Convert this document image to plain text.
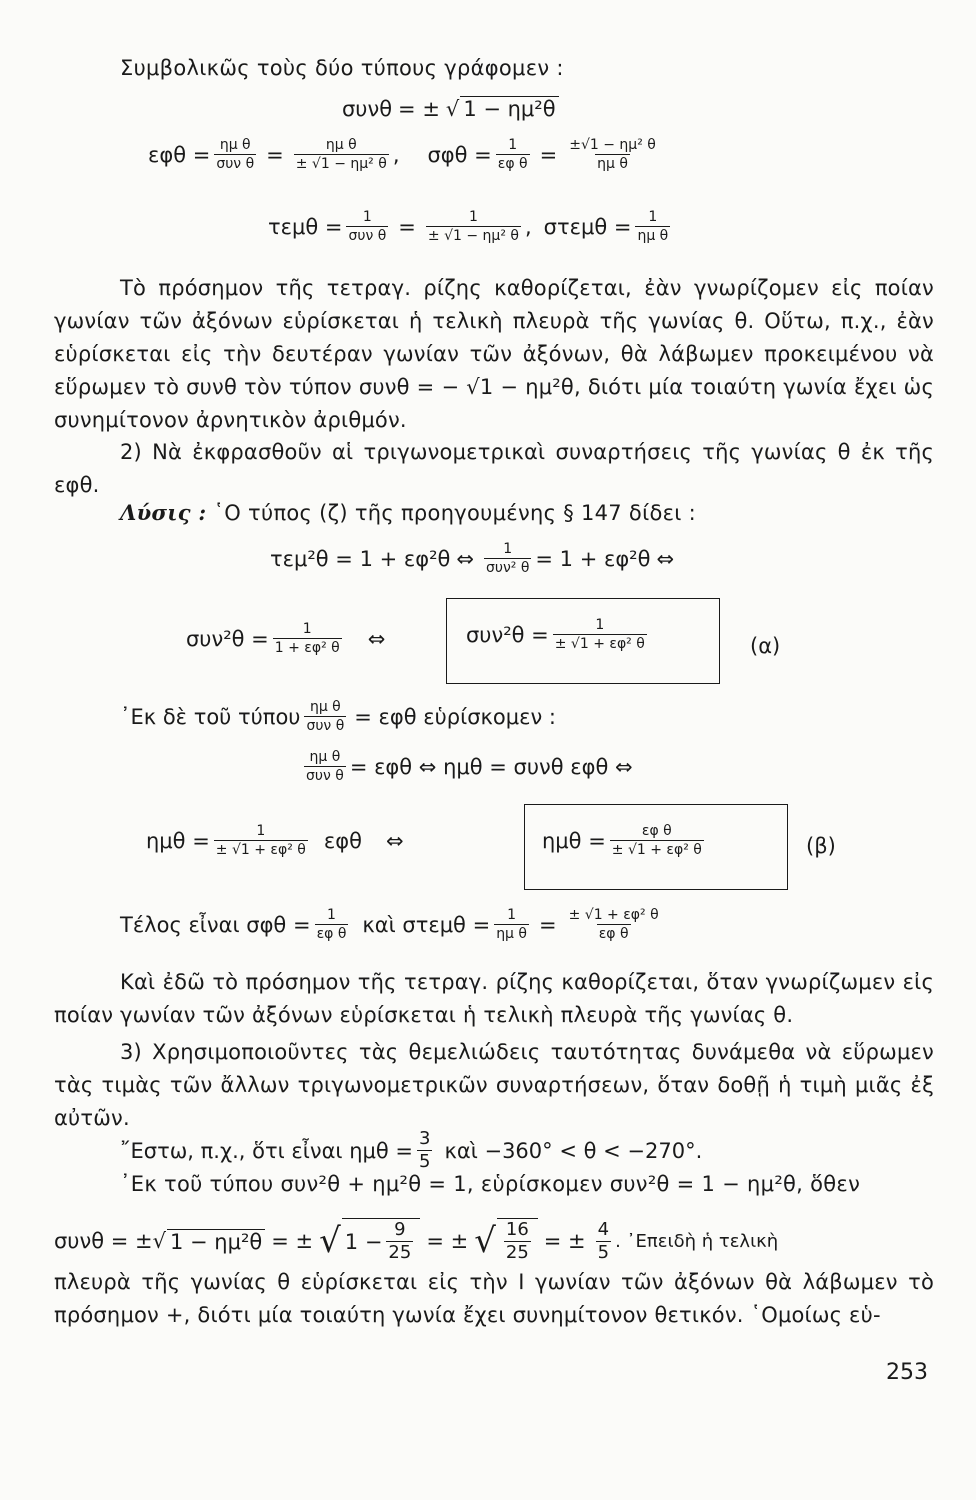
Συμβολικῶς τοὺς δύο τύπους γράφομεν :
συνθ = ± √ 1 − ημ²θ
$\varepsilon\varphi\theta = \frac{\text{ημ θ}}{\text{συν θ}} = \frac{\text{ημ θ}}{\text{± √1 − ημ² θ}}$ , $\sigma\varphi\theta = \frac{1}{\text{εφ θ}} = \frac{\text{±√1 − ημ² θ}}{\text{ημ θ}}$
$\tau\varepsilon\mu\theta = \frac{1}{\text{συν θ}} = \frac{1}{\text{± √1 − ημ² θ}}$ , $\sigma\tau\varepsilon\mu\theta = \frac{1}{\text{ημ θ}}$
Τὸ πρόσημον τῆς τετραγ. ρίζης καθορίζεται, ἐὰν γνωρίζομεν εἰς ποίαν γωνίαν τῶν ἀξόνων εὑρίσκεται ἡ τελικὴ πλευρὰ τῆς γωνίας θ. Οὕτω, π.χ., ἐὰν εὑρίσκεται εἰς τὴν δευτέραν γωνίαν τῶν ἀξόνων, θὰ λάβωμεν προκειμένου νὰ εὕρωμεν τὸ συνθ τὸν τύπον συνθ = − √1 − ημ²θ, διότι μία τοιαύτη γωνία ἔχει ὡς συνημίτονον ἀρνητικὸν ἀριθμόν.
2) Νὰ ἐκφρασθοῦν αἱ τριγωνομετρικαὶ συναρτήσεις τῆς γωνίας θ ἐκ τῆς εφθ.
Λύσις : ῾Ο τύπος (ζ) τῆς προηγουμένης § 147 δίδει :
τεμ²θ = 1 + εφ²θ ⇔ $\frac{1}{\text{συν² θ}} = 1 + \varepsilon\varphi^2\theta$ ⇔
$\sigma\upsilon\nu^2\theta = \frac{1}{\text{1 + εφ² θ}}$ ⇔	$\sigma\upsilon\nu^2\theta = \frac{1}{\text{± √1 + εφ² θ}}$	(α)
᾽Εκ δὲ τοῦ τύπου $\frac{\text{ημ θ}}{\text{συν θ}} = \varepsilon\varphi\theta$ εὑρίσκομεν :
$\frac{\text{ημ θ}}{\text{συν θ}} = \varepsilon\varphi\theta$ ⇔ ημθ = συνθ εφθ ⇔
$\eta\mu\theta = \frac{1}{\text{± √1 + εφ² θ}}$ εφθ ⇔	$\eta\mu\theta = \frac{\text{εφ θ}}{\text{± √1 + εφ² θ}}$	(β)
Τέλος εἶναι $\sigma\varphi\theta = \frac{1}{\text{εφ θ}}$ καὶ $\sigma\tau\varepsilon\mu\theta = \frac{1}{\text{ημ θ}} = \frac{\text{± √1 + εφ² θ}}{\text{εφ θ}}$
Καὶ ἐδῶ τὸ πρόσημον τῆς τετραγ. ρίζης καθορίζεται, ὅταν γνωρίζωμεν εἰς ποίαν γωνίαν τῶν ἀξόνων εὑρίσκεται ἡ τελικὴ πλευρὰ τῆς γωνίας θ.
3) Χρησιμοποιοῦντες τὰς θεμελιώδεις ταυτότητας δυνάμεθα νὰ εὕρωμεν τὰς τιμὰς τῶν ἄλλων τριγωνομετρικῶν συναρτήσεων, ὅταν δοθῇ ἡ τιμὴ μιᾶς ἐξ αὐτῶν.
῎Εστω, π.χ., ὅτι εἶναι $\eta\mu\theta = \frac{3}{5}$ καὶ −360° < θ < −270°.
᾽Εκ τοῦ τύπου συν²θ + ημ²θ = 1, εὑρίσκομεν συν²θ = 1 − ημ²θ, ὅθεν
συνθ = ± √ 1 − ημ²θ = ± √ $1 - \frac{9}{25}$ = ± √ $\frac{16}{25}$ = ± $\frac{4}{5}$ . ᾽Επειδὴ ἡ τελικὴ
πλευρὰ τῆς γωνίας θ εὑρίσκεται εἰς τὴν Ι γωνίαν τῶν ἀξόνων θὰ λάβωμεν τὸ πρόσημον +, διότι μία τοιαύτη γωνία ἔχει συνημίτονον θετικόν. ῾Ομοίως εὑ-
253
